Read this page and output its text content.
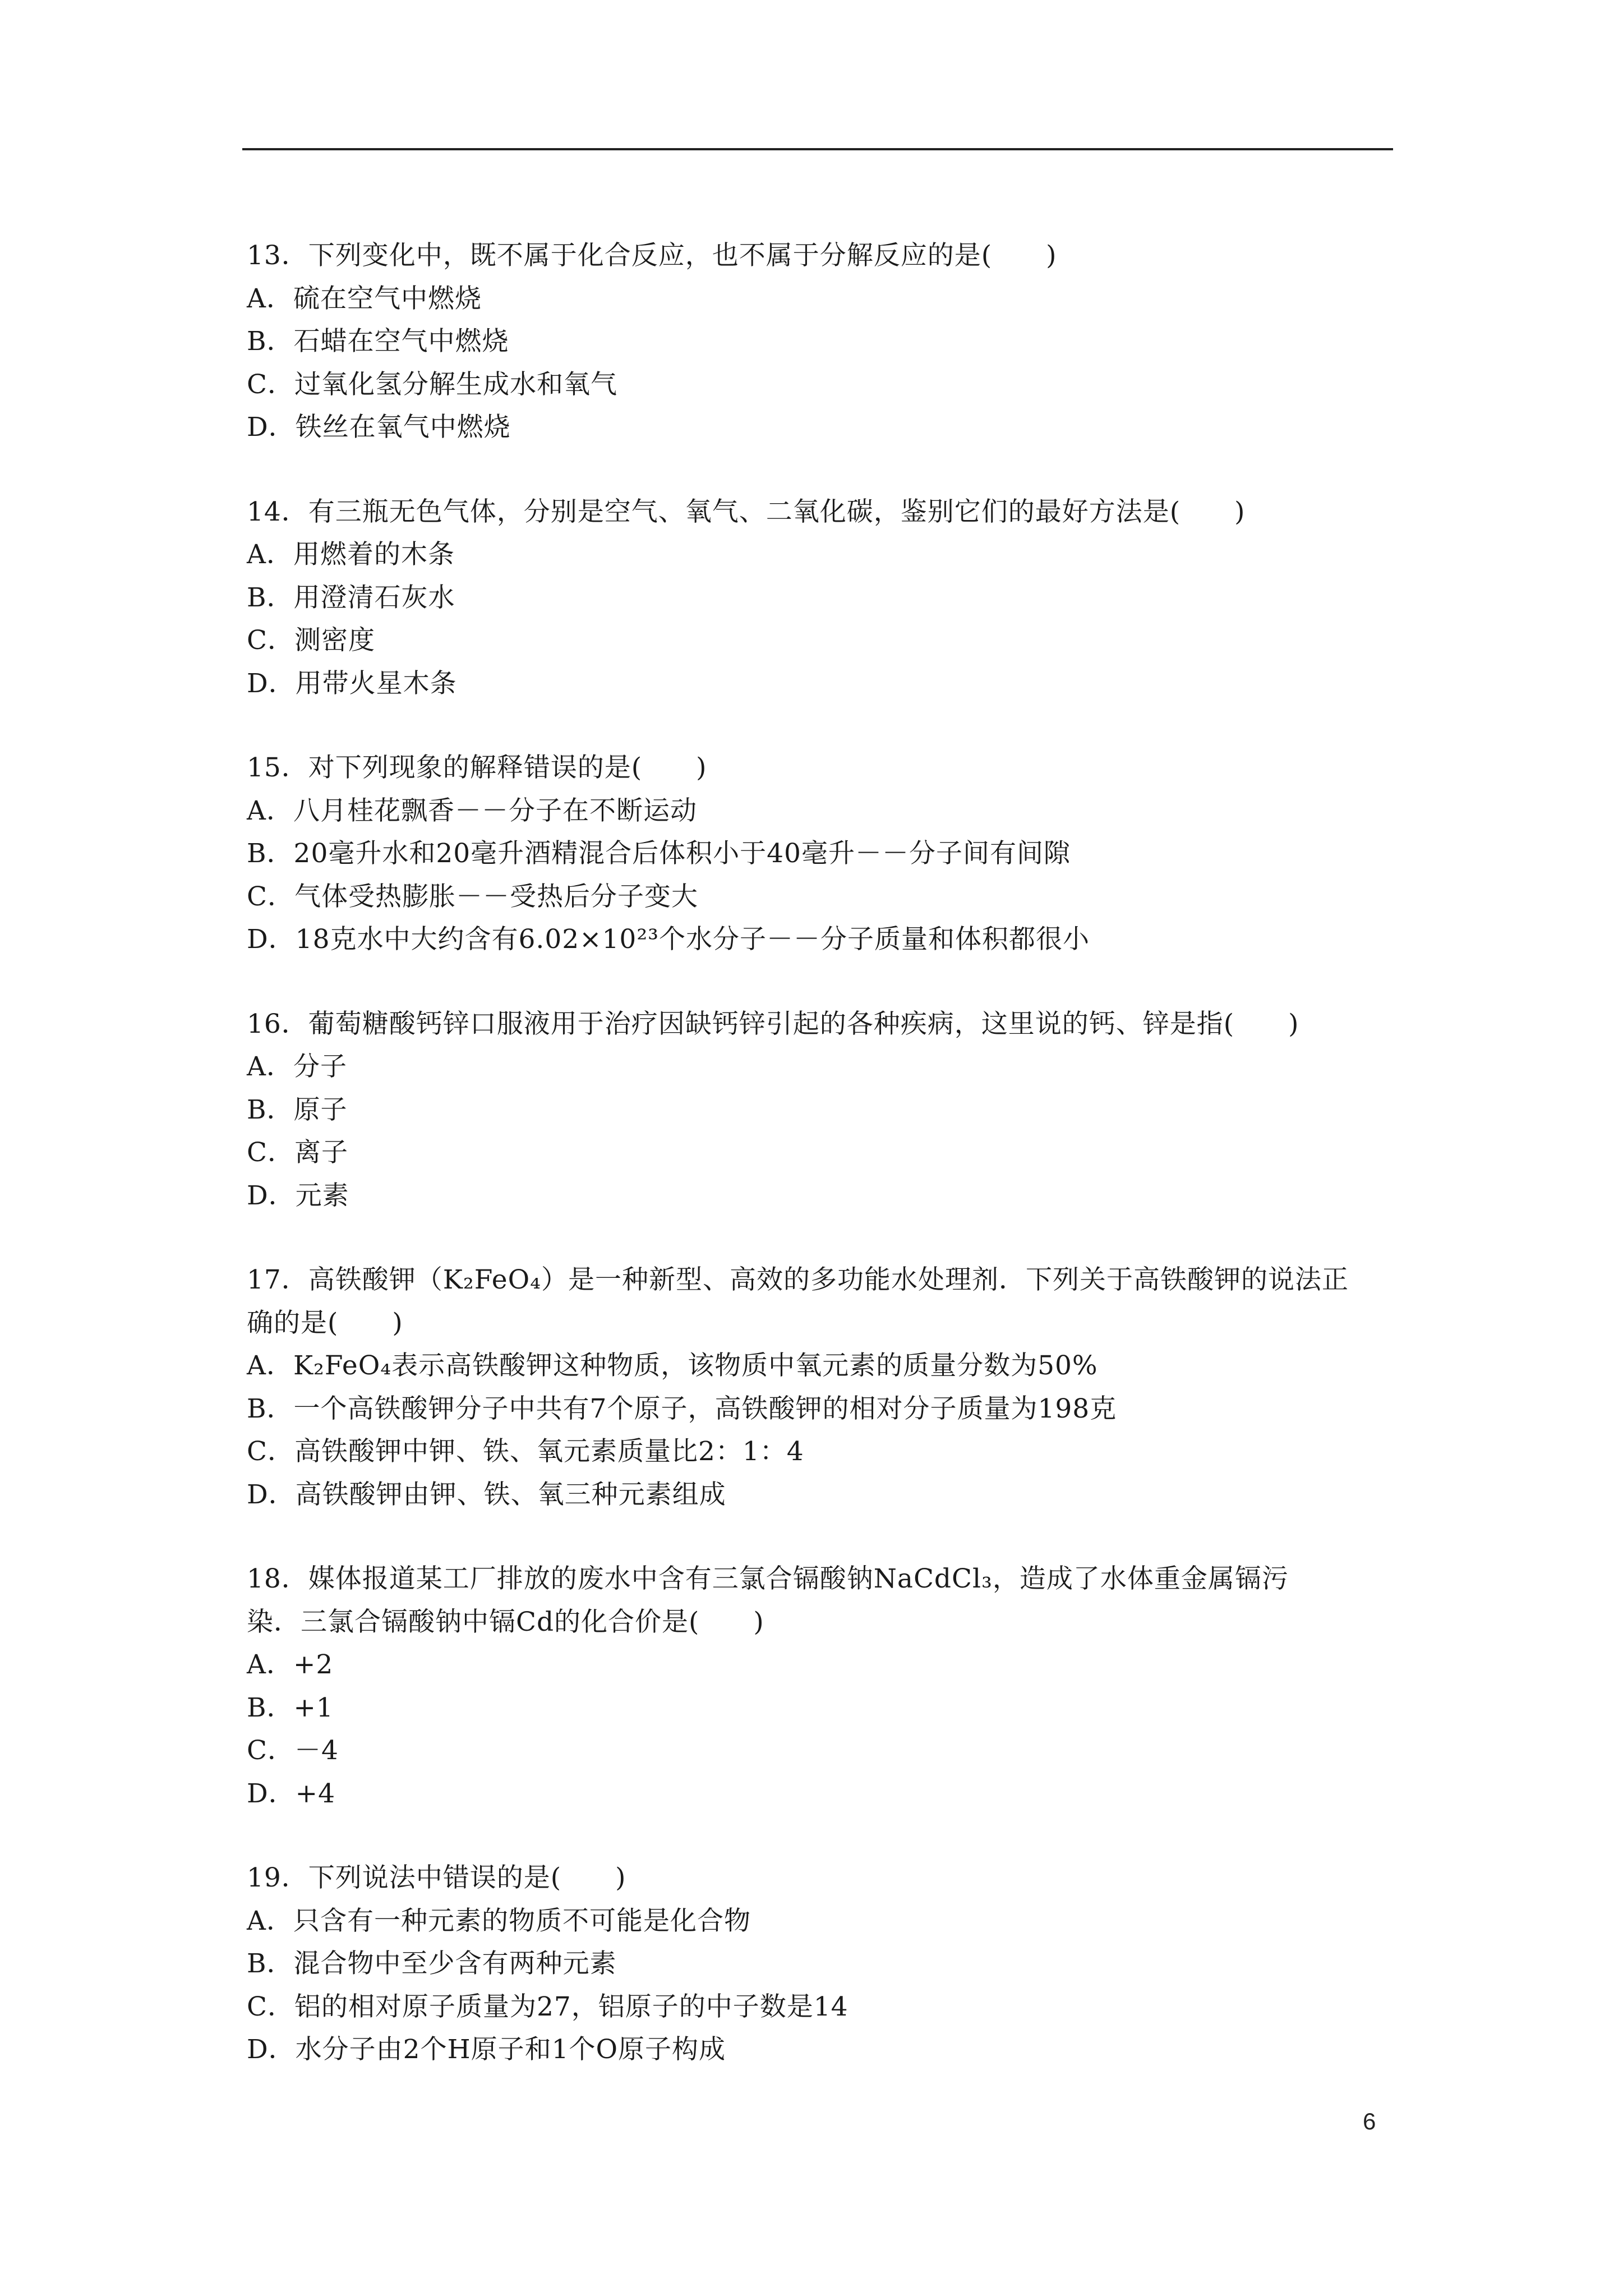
13．下列变化中，既不属于化合反应，也不属于分解反应的是(　　)
A．硫在空气中燃烧
B．石蜡在空气中燃烧
C．过氧化氢分解生成水和氧气
D．铁丝在氧气中燃烧
14．有三瓶无色气体，分别是空气、氧气、二氧化碳，鉴别它们的最好方法是(　　)
A．用燃着的木条
B．用澄清石灰水
C．测密度
D．用带火星木条
15．对下列现象的解释错误的是(　　)
A．八月桂花飘香－－分子在不断运动
B．20毫升水和20毫升酒精混合后体积小于40毫升－－分子间有间隙
C．气体受热膨胀－－受热后分子变大
D．18克水中大约含有6.02×10²³个水分子－－分子质量和体积都很小
16．葡萄糖酸钙锌口服液用于治疗因缺钙锌引起的各种疾病，这里说的钙、锌是指(　　)
A．分子
B．原子
C．离子
D．元素
17．高铁酸钾（K₂FeO₄）是一种新型、高效的多功能水处理剂．下列关于高铁酸钾的说法正
确的是(　　)
A．K₂FeO₄表示高铁酸钾这种物质，该物质中氧元素的质量分数为50%
B．一个高铁酸钾分子中共有7个原子，高铁酸钾的相对分子质量为198克
C．高铁酸钾中钾、铁、氧元素质量比2：1：4
D．高铁酸钾由钾、铁、氧三种元素组成
18．媒体报道某工厂排放的废水中含有三氯合镉酸钠NaCdCl₃，造成了水体重金属镉污
染．三氯合镉酸钠中镉Cd的化合价是(　　)
A．+2
B．+1
C．－4
D．+4
19．下列说法中错误的是(　　)
A．只含有一种元素的物质不可能是化合物
B．混合物中至少含有两种元素
C．铝的相对原子质量为27，铝原子的中子数是14
D．水分子由2个H原子和1个O原子构成
6
